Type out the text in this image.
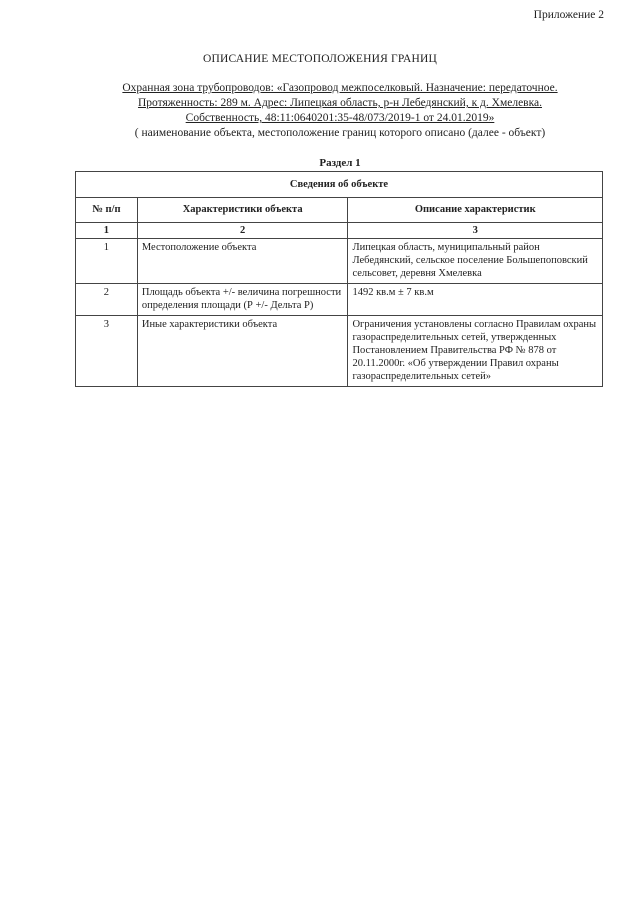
Приложение 2
ОПИСАНИЕ МЕСТОПОЛОЖЕНИЯ ГРАНИЦ
Охранная зона трубопроводов: «Газопровод межпоселковый. Назначение: передаточное.
Протяженность: 289 м. Адрес: Липецкая область, р-н Лебедянский, к д. Хмелевка.
Собственность, 48:11:0640201:35-48/073/2019-1 от 24.01.2019»
( наименование объекта, местоположение границ которого описано (далее - объект)
Раздел 1
Сведения об объекте		
№ п/п	Характеристики объекта	Описание характеристик
1	2	3
1	Местоположение объекта	Липецкая область, муниципальный район Лебедянский, сельское поселение Большепоповский сельсовет, деревня Хмелевка
2	Площадь объекта +/- величина погрешности определения площади (Р +/- Дельта Р)	1492 кв.м ± 7 кв.м
3	Иные характеристики объекта	Ограничения установлены согласно Правилам охраны газораспределительных сетей, утвержденных Постановлением Правительства РФ № 878 от 20.11.2000г. «Об утверждении Правил охраны газораспределительных сетей»
